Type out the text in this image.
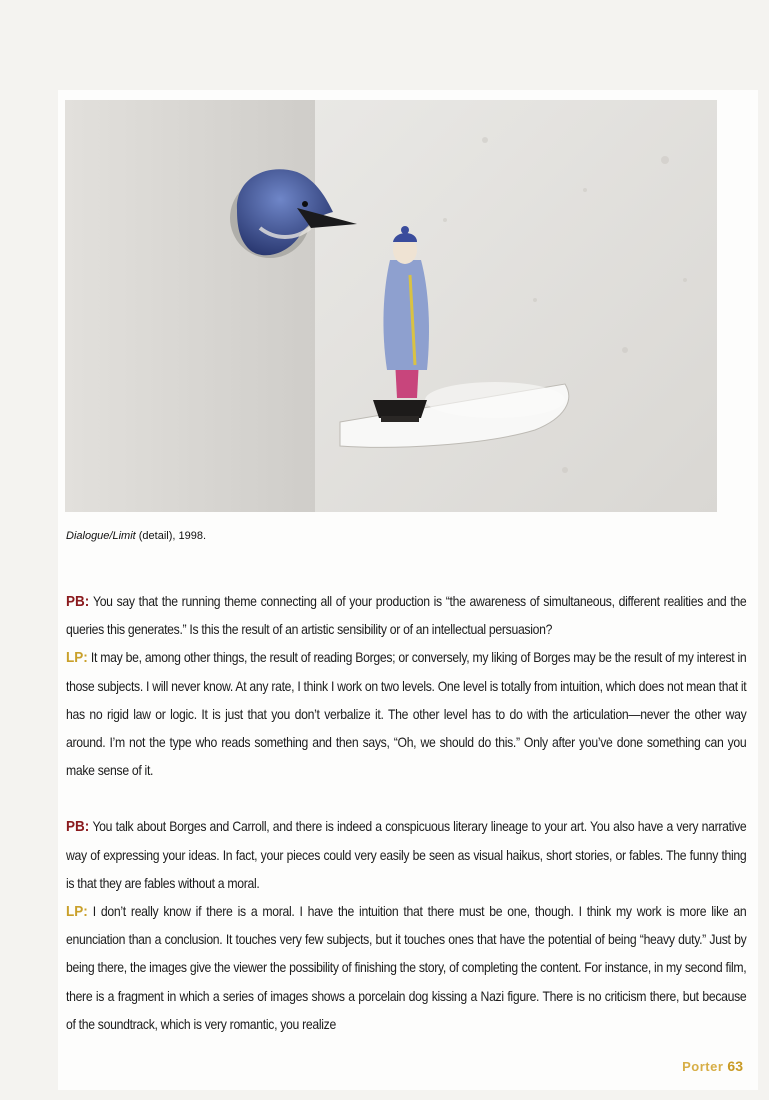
Dialogue/Limit (detail), 1998.

PB: You say that the running theme connecting all of your production is “the awareness of simultaneous, different realities and the queries this generates.” Is this the result of an artistic sensibility or of an intellectual persuasion?

LP: It may be, among other things, the result of reading Borges; or conversely, my liking of Borges may be the result of my interest in those subjects. I will never know. At any rate, I think I work on two levels. One level is totally from intuition, which does not mean that it has no rigid law or logic. It is just that you don’t verbalize it. The other level has to do with the articulation—never the other way around. I’m not the type who reads something and then says, “Oh, we should do this.” Only after you’ve done something can you make sense of it.

PB: You talk about Borges and Carroll, and there is indeed a conspicuous literary lineage to your art. You also have a very narrative way of expressing your ideas. In fact, your pieces could very easily be seen as visual haikus, short stories, or fables. The funny thing is that they are fables without a moral.

LP: I don’t really know if there is a moral. I have the intuition that there must be one, though. I think my work is more like an enunciation than a conclusion. It touches very few subjects, but it touches ones that have the potential of being “heavy duty.” Just by being there, the images give the viewer the possibility of finishing the story, of completing the content. For instance, in my second film, there is a fragment in which a series of images shows a porcelain dog kissing a Nazi figure. There is no criticism there, but because of the soundtrack, which is very romantic, you realize

Porter 63
